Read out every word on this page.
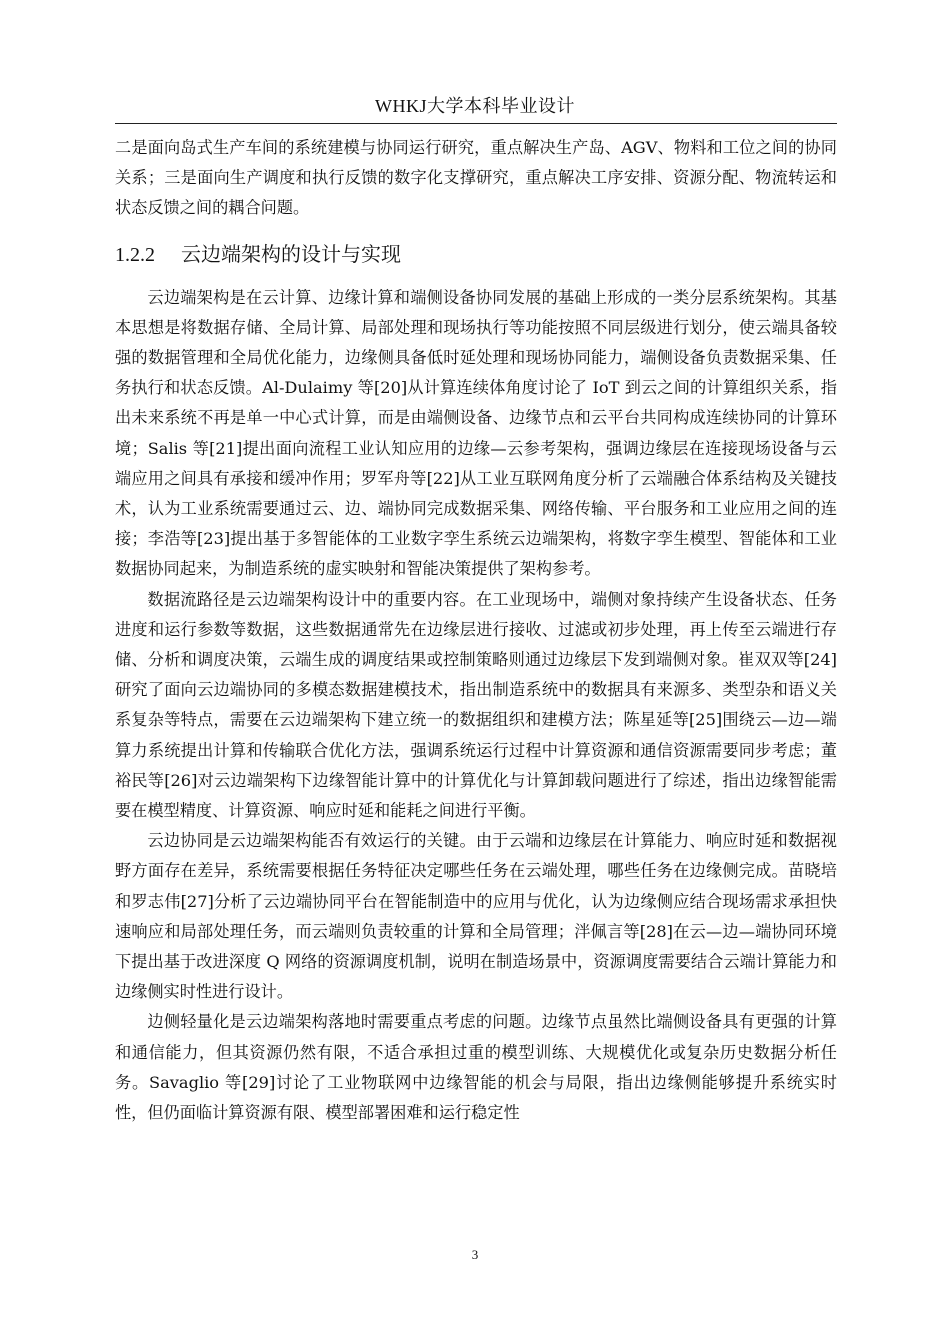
WHKJ大学本科毕业设计

二是面向岛式生产车间的系统建模与协同运行研究，重点解决生产岛、AGV、物料和工位之间的协同关系；三是面向生产调度和执行反馈的数字化支撑研究，重点解决工序安排、资源分配、物流转运和状态反馈之间的耦合问题。

1.2.2 云边端架构的设计与实现

云边端架构是在云计算、边缘计算和端侧设备协同发展的基础上形成的一类分层系统架构。其基本思想是将数据存储、全局计算、局部处理和现场执行等功能按照不同层级进行划分，使云端具备较强的数据管理和全局优化能力，边缘侧具备低时延处理和现场协同能力，端侧设备负责数据采集、任务执行和状态反馈。Al-Dulaimy 等[20]从计算连续体角度讨论了 IoT 到云之间的计算组织关系，指出未来系统不再是单一中心式计算，而是由端侧设备、边缘节点和云平台共同构成连续协同的计算环境；Salis 等[21]提出面向流程工业认知应用的边缘—云参考架构，强调边缘层在连接现场设备与云端应用之间具有承接和缓冲作用；罗军舟等[22]从工业互联网角度分析了云端融合体系结构及关键技术，认为工业系统需要通过云、边、端协同完成数据采集、网络传输、平台服务和工业应用之间的连接；李浩等[23]提出基于多智能体的工业数字孪生系统云边端架构，将数字孪生模型、智能体和工业数据协同起来，为制造系统的虚实映射和智能决策提供了架构参考。

数据流路径是云边端架构设计中的重要内容。在工业现场中，端侧对象持续产生设备状态、任务进度和运行参数等数据，这些数据通常先在边缘层进行接收、过滤或初步处理，再上传至云端进行存储、分析和调度决策，云端生成的调度结果或控制策略则通过边缘层下发到端侧对象。崔双双等[24]研究了面向云边端协同的多模态数据建模技术，指出制造系统中的数据具有来源多、类型杂和语义关系复杂等特点，需要在云边端架构下建立统一的数据组织和建模方法；陈星延等[25]围绕云—边—端算力系统提出计算和传输联合优化方法，强调系统运行过程中计算资源和通信资源需要同步考虑；董裕民等[26]对云边端架构下边缘智能计算中的计算优化与计算卸载问题进行了综述，指出边缘智能需要在模型精度、计算资源、响应时延和能耗之间进行平衡。

云边协同是云边端架构能否有效运行的关键。由于云端和边缘层在计算能力、响应时延和数据视野方面存在差异，系统需要根据任务特征决定哪些任务在云端处理，哪些任务在边缘侧完成。苗晓培和罗志伟[27]分析了云边端协同平台在智能制造中的应用与优化，认为边缘侧应结合现场需求承担快速响应和局部处理任务，而云端则负责较重的计算和全局管理；泮佩言等[28]在云—边—端协同环境下提出基于改进深度 Q 网络的资源调度机制，说明在制造场景中，资源调度需要结合云端计算能力和边缘侧实时性进行设计。

边侧轻量化是云边端架构落地时需要重点考虑的问题。边缘节点虽然比端侧设备具有更强的计算和通信能力，但其资源仍然有限，不适合承担过重的模型训练、大规模优化或复杂历史数据分析任务。Savaglio 等[29]讨论了工业物联网中边缘智能的机会与局限，指出边缘侧能够提升系统实时性，但仍面临计算资源有限、模型部署困难和运行稳定性

3
